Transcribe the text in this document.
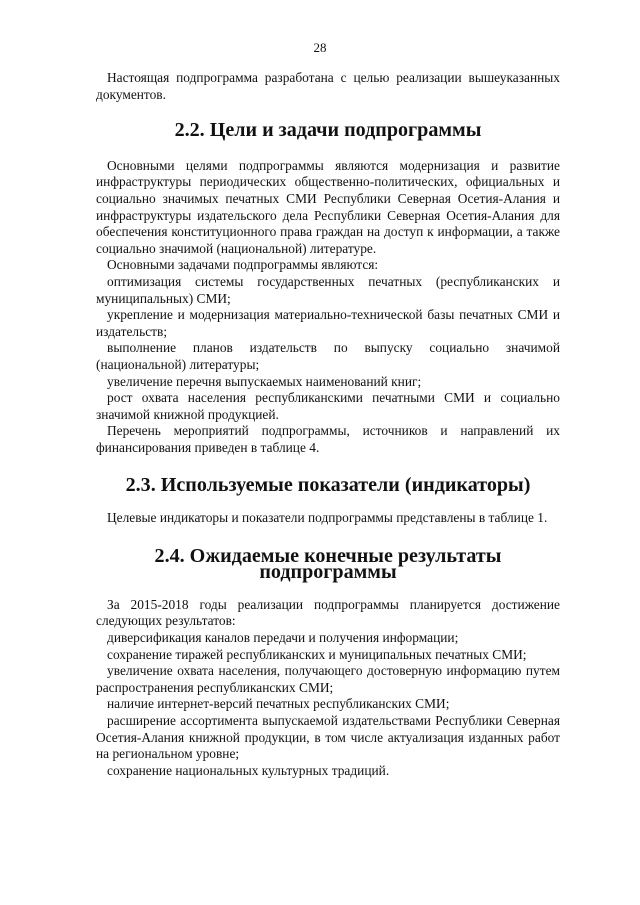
28

Настоящая подпрограмма разработана с целью реализации вышеуказанных документов.

2.2. Цели и задачи подпрограммы

Основными целями подпрограммы являются модернизация и развитие инфраструктуры периодических общественно-политических, официальных и социально значимых печатных СМИ Республики Северная Осетия-Алания и инфраструктуры издательского дела Республики Северная Осетия-Алания для обеспечения конституционного права граждан на доступ к информации, а также социально значимой (национальной) литературе.

Основными задачами подпрограммы являются:

оптимизация системы государственных печатных (республиканских и муниципальных) СМИ;

укрепление и модернизация материально-технической базы печатных СМИ и издательств;

выполнение планов издательств по выпуску социально значимой (национальной) литературы;

увеличение перечня выпускаемых наименований книг;

рост охвата населения республиканскими печатными СМИ и социально значимой книжной продукцией.

Перечень мероприятий подпрограммы, источников и направлений их финансирования приведен в таблице 4.

2.3. Используемые показатели (индикаторы)

Целевые индикаторы и показатели подпрограммы представлены в таблице 1.

2.4. Ожидаемые конечные результаты подпрограммы

За 2015-2018 годы реализации подпрограммы планируется достижение следующих результатов:

диверсификация каналов передачи и получения информации;

сохранение тиражей республиканских и муниципальных печатных СМИ;

увеличение охвата населения, получающего достоверную информацию путем распространения республиканских СМИ;

наличие интернет-версий печатных республиканских СМИ;

расширение ассортимента выпускаемой издательствами Республики Северная Осетия-Алания книжной продукции, в том числе актуализация изданных работ на региональном уровне;

сохранение национальных культурных традиций.
